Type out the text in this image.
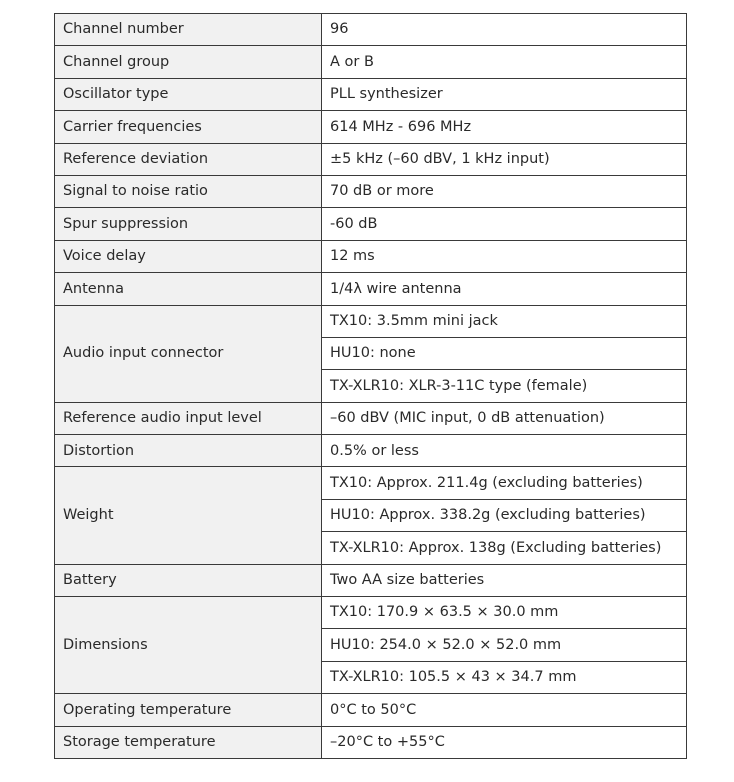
Channel number	96
Channel group	A or B
Oscillator type	PLL synthesizer
Carrier frequencies	614 MHz - 696 MHz
Reference deviation	±5 kHz (–60 dBV, 1 kHz input)
Signal to noise ratio	70 dB or more
Spur suppression	-60 dB
Voice delay	12 ms
Antenna	1/4λ wire antenna
Audio input connector	TX10: 3.5mm mini jack
	HU10: none
	TX-XLR10: XLR-3-11C type (female)
Reference audio input level	–60 dBV (MIC input, 0 dB attenuation)
Distortion	0.5% or less
Weight	TX10: Approx. 211.4g (excluding batteries)
	HU10: Approx. 338.2g (excluding batteries)
	TX-XLR10: Approx. 138g (Excluding batteries)
Battery	Two AA size batteries
Dimensions	TX10: 170.9 × 63.5 × 30.0 mm
	HU10: 254.0 × 52.0 × 52.0 mm
	TX-XLR10: 105.5 × 43 × 34.7 mm
Operating temperature	0°C to 50°C
Storage temperature	–20°C to +55°C
